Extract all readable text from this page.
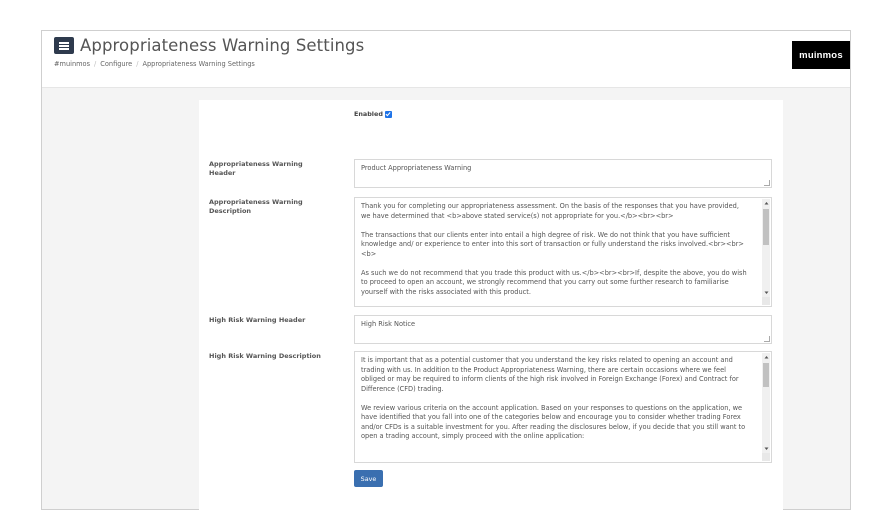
Appropriateness Warning Settings
#muinmos / Configure / Appropriateness Warning Settings
muinmos
Enabled
Appropriateness Warning Header
Product Appropriateness Warning
Appropriateness Warning Description

Thank you for completing our appropriateness assessment. On the basis of the responses that you have provided, we have determined that <b>above stated service(s) not appropriate for you.</b><br><br>

The transactions that our clients enter into entail a high degree of risk. We do not think that you have sufficient knowledge and/ or experience to enter into this sort of transaction or fully understand the risks involved.<br><br><b>

As such we do not recommend that you trade this product with us.</b><br><br>If, despite the above, you do wish to proceed to open an account, we strongly recommend that you carry out some further research to familiarise yourself with the risks associated with this product.

High Risk Warning Header	High Risk Notice
High Risk Warning Description	It is important that as a potential customer that you understand the key risks related to opening an account and trading with us. In addition to the Product Appropriateness Warning, there are certain occasions where we feel obliged or may be required to inform clients of the high risk involved in Foreign Exchange (Forex) and Contract for Difference (CFD) trading.

We review various criteria on the account application. Based on your responses to questions on the application, we have identified that you fall into one of the categories below and encourage you to consider whether trading Forex and/or CFDs is a suitable investment for you. After reading the disclosures below, if you decide that you still want to open a trading account, simply proceed with the online application:

Save
